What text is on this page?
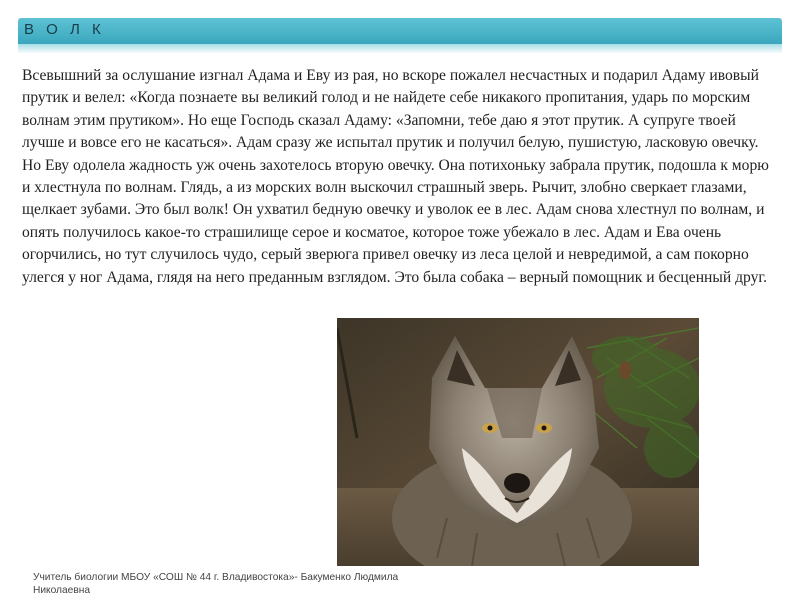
В О Л К

Всевышний за ослушание изгнал Адама и Еву из рая, но вскоре пожалел несчастных и подарил Адаму ивовый прутик и велел: «Когда познаете вы великий голод и не найдете себе никакого пропитания, ударь по морским волнам этим прутиком». Но еще Господь сказал Адаму: «Запомни, тебе даю я этот прутик. А супруге твоей лучше и вовсе его не касаться». Адам сразу же испытал прутик и получил белую, пушистую, ласковую овечку. Но Еву одолела жадность уж очень захотелось вторую овечку. Она потихоньку забрала прутик, подошла к морю и хлестнула по волнам. Глядь, а из морских волн выскочил страшный зверь. Рычит, злобно сверкает глазами, щелкает зубами. Это был волк! Он ухватил бедную овечку и уволок ее в лес. Адам снова хлестнул по волнам, и опять получилось какое-то страшилище серое и косматое, которое тоже убежало в лес. Адам и Ева очень огорчились, но тут случилось чудо, серый зверюга привел овечку из леса целой и невредимой, а сам покорно улегся у ног Адама, глядя на него преданным взглядом. Это была собака – верный помощник и бесценный друг.

Учитель биологии МБОУ «СОШ № 44 г. Владивостока»- Бакуменко Людмила Николаевна
